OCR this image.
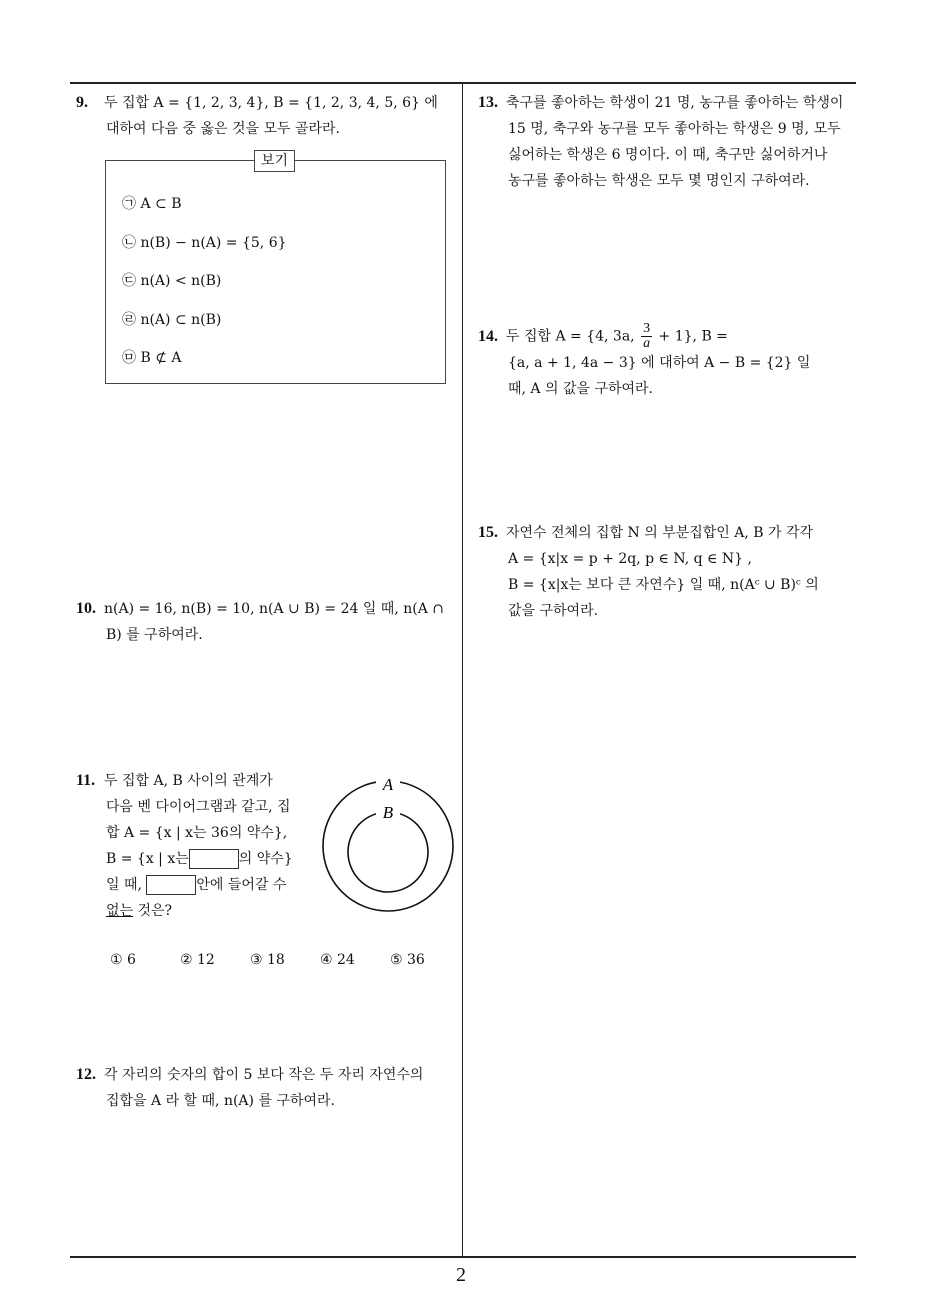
9. 두 집합 A = {1, 2, 3, 4}, B = {1, 2, 3, 4, 5, 6} 에
대하여 다음 중 옳은 것을 모두 골라라.
보기
㉠ A ⊂ B
㉡ n(B) − n(A) = {5, 6}
㉢ n(A) < n(B)
㉣ n(A) ⊂ n(B)
㉤ B ⊄ A
10. n(A) = 16, n(B) = 10, n(A ∪ B) = 24 일 때, n(A ∩
B) 를 구하여라.
11. 두 집합 A, B 사이의 관계가
다음 벤 다이어그램과 같고, 집
합 A = {x | x는 36의 약수},
B = {x | x는	의 약수}
일 때,	안에 들어갈 수
없는 것은?
A
B
① 6	② 12	③ 18	④ 24	⑤ 36
12. 각 자리의 숫자의 합이 5 보다 작은 두 자리 자연수의
집합을 A 라 할 때, n(A) 를 구하여라.
13. 축구를 좋아하는 학생이 21 명, 농구를 좋아하는 학생이
15 명, 축구와 농구를 모두 좋아하는 학생은 9 명, 모두
싫어하는 학생은 6 명이다. 이 때, 축구만 싫어하거나
농구를 좋아하는 학생은 모두 몇 명인지 구하여라.
14. 두 집합 A = {4, 3a, $\frac{3}{a} + 1$}, B =
{a, a + 1, 4a − 3} 에 대하여 A − B = {2} 일
때, A 의 값을 구하여라.
15. 자연수 전체의 집합 N 의 부분집합인 A, B 가 각각
A = {x|x = p + 2q, p ∈ N, q ∈ N} ,
B = {x|x는 보다 큰 자연수} 일 때, n(Aᶜ ∪ B)ᶜ 의
값을 구하여라.
2
